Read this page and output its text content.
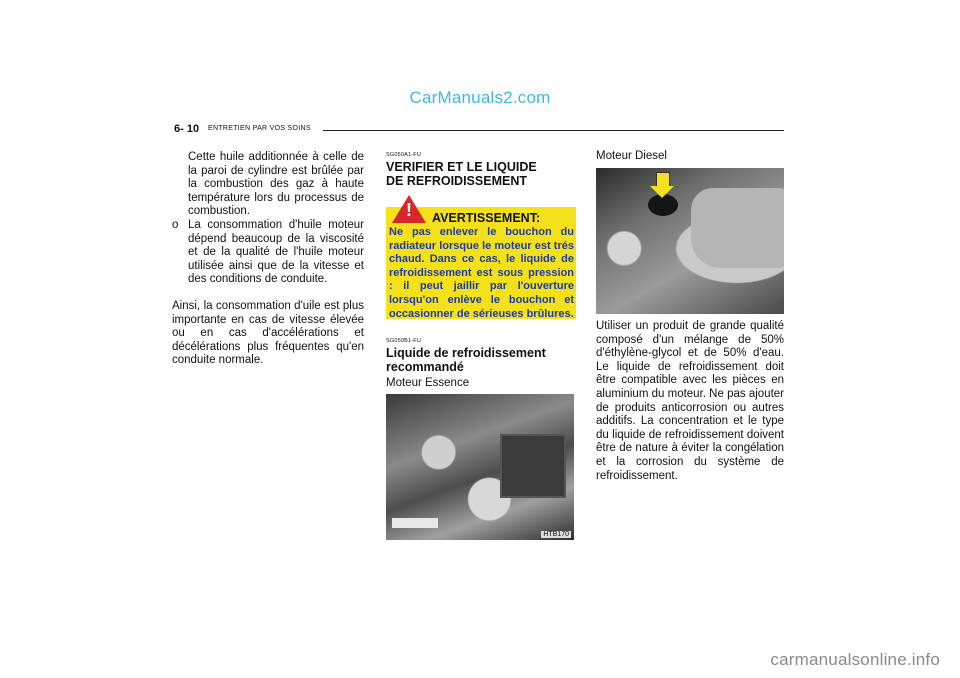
CarManuals2.com
6- 10 ENTRETIEN PAR VOS SOINS

Cette huile additionnée à celle de la paroi de cylindre est brûlée par la combustion des gaz à haute température lors du processus de combustion.

o La consommation d'huile moteur dépend beaucoup de la viscosité et de la qualité de l'huile moteur utilisée ainsi que de la vitesse et des conditions de conduite.

Ainsi, la consommation d'uile est plus importante en cas de vitesse élevée ou en cas d'accélérations et décélérations plus fréquentes qu'en conduite normale.

SG050A1-FU

VERIFIER ET LE LIQUIDE
DE REFROIDISSEMENT

!	AVERTISSEMENT:
Ne pas enlever le bouchon du radiateur lorsque le moteur est trés chaud. Dans ce cas, le liquide de refroidissement est sous pression : il peut jaillir par l'ouverture lorsqu'on enlève le bouchon et occasionner de sérieuses brûlures.

SG050B1-FU

Liquide de refroidissement
recommandé

Moteur Essence

HTB170

Moteur Diesel

Utiliser un produit de grande qualité composé d'un mélange de 50% d'éthylène-glycol et de 50% d'eau. Le liquide de refroidissement doit être compatible avec les pièces en aluminium du moteur. Ne pas ajouter de produits anticorrosion ou autres additifs. La concentration et le type du liquide de refroidissement doivent être de nature à éviter la congélation et la corrosion du système de refroidissement.

carmanualsonline.info
